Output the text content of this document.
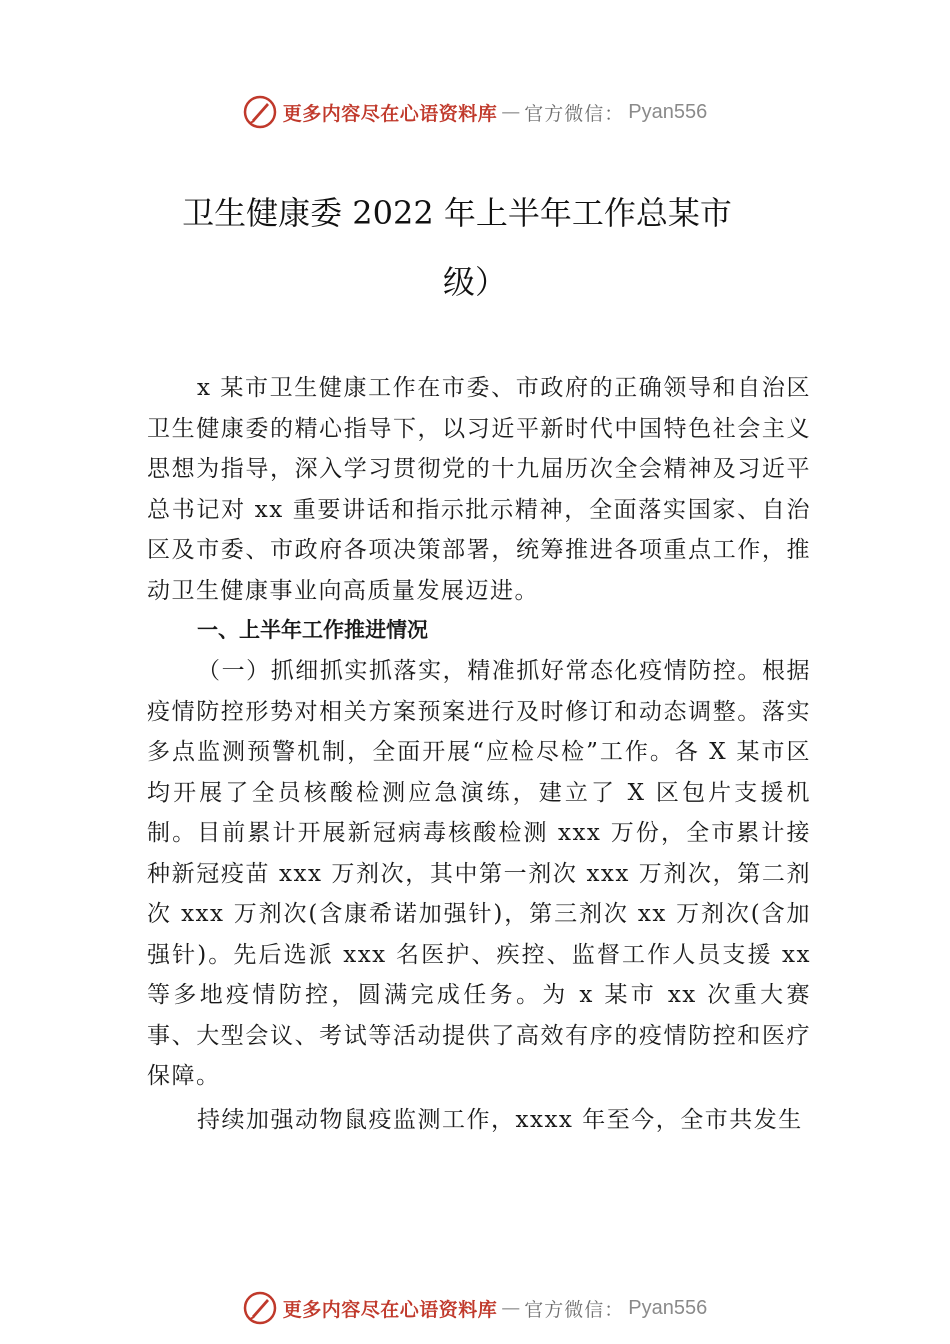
更多内容尽在心语资料库 — 官方微信： Pyan556
卫生健康委 2022 年上半年工作总某市
级）

x 某市卫生健康工作在市委、市政府的正确领导和自治区卫生健康委的精心指导下，以习近平新时代中国特色社会主义思想为指导，深入学习贯彻党的十九届历次全会精神及习近平总书记对 xx 重要讲话和指示批示精神，全面落实国家、自治区及市委、市政府各项决策部署，统筹推进各项重点工作，推动卫生健康事业向高质量发展迈进。

一、上半年工作推进情况

（一）抓细抓实抓落实，精准抓好常态化疫情防控。根据疫情防控形势对相关方案预案进行及时修订和动态调整。落实多点监测预警机制，全面开展“应检尽检”工作。各 X 某市区均开展了全员核酸检测应急演练，建立了 X 区包片支援机制。目前累计开展新冠病毒核酸检测 xxx 万份，全市累计接种新冠疫苗 xxx 万剂次，其中第一剂次 xxx 万剂次，第二剂次 xxx 万剂次(含康希诺加强针)，第三剂次 xx 万剂次(含加强针)。先后选派 xxx 名医护、疾控、监督工作人员支援 xx 等多地疫情防控，圆满完成任务。为 x 某市 xx 次重大赛事、大型会议、考试等活动提供了高效有序的疫情防控和医疗保障。

持续加强动物鼠疫监测工作，xxxx 年至今，全市共发生

更多内容尽在心语资料库 — 官方微信： Pyan556
